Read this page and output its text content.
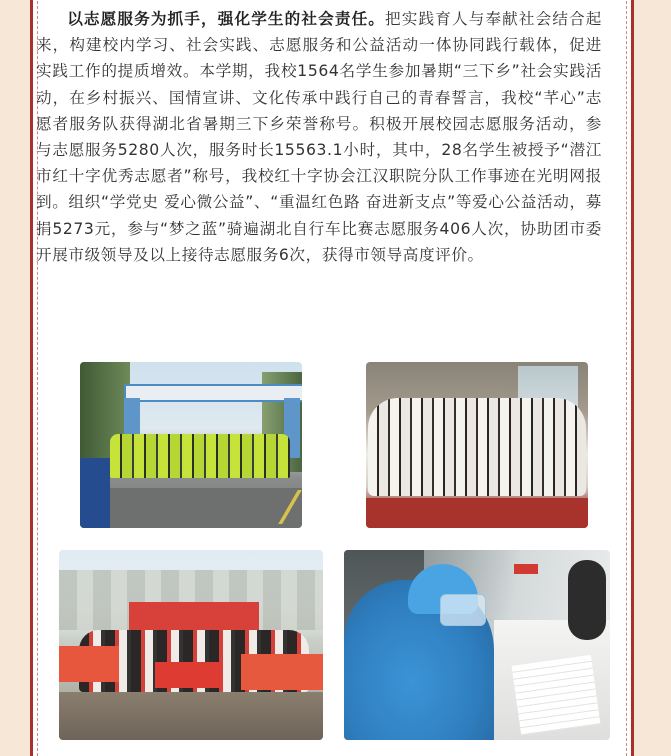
以志愿服务为抓手，强化学生的社会责任。把实践育人与奉献社会结合起来，构建校内学习、社会实践、志愿服务和公益活动一体协同践行载体，促进实践工作的提质增效。本学期，我校1564名学生参加暑期“三下乡”社会实践活动，在乡村振兴、国情宣讲、文化传承中践行自己的青春誓言，我校“芊心”志愿者服务队获得湖北省暑期三下乡荣誉称号。积极开展校园志愿服务活动，参与志愿服务5280人次，服务时长15563.1小时，其中，28名学生被授予“潜江市红十字优秀志愿者”称号，我校红十字协会江汉职院分队工作事迹在光明网报到。组织“学党史 爱心微公益”、“重温红色路 奋进新支点”等爱心公益活动，募捐5273元，参与“梦之蓝”骑遍湖北自行车比赛志愿服务406人次，协助团市委开展市级领导及以上接待志愿服务6次，获得市领导高度评价。
